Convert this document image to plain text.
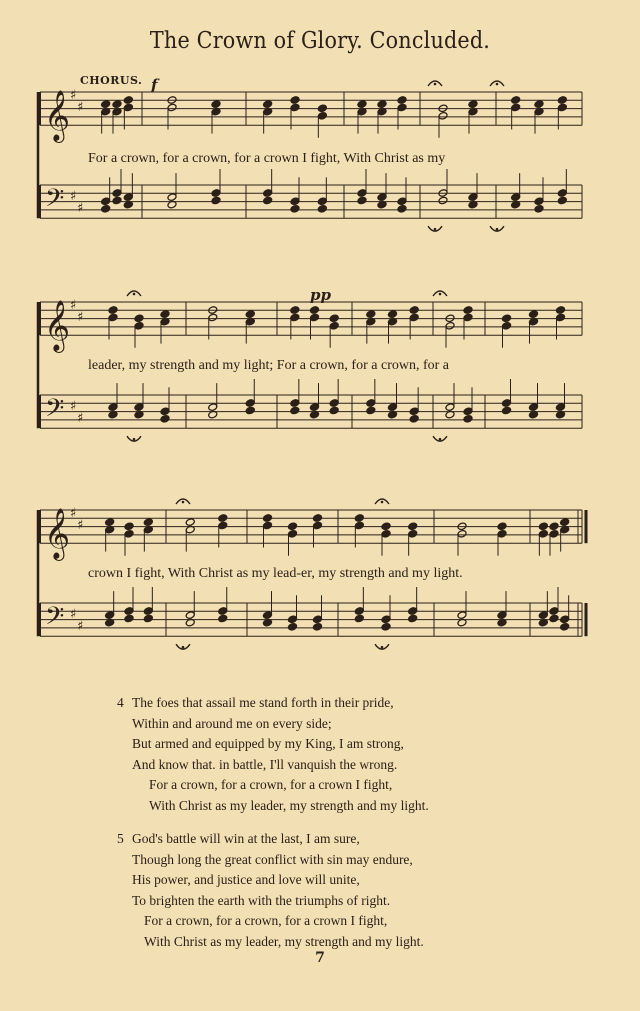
The Crown of Glory. Concluded.
𝄞 ♯
♯
𝄢 ♯
♯
CHORUS. f
For a crown, for a crown, for a crown I fight, With Christ as my
𝄞 ♯
♯
𝄢 ♯
♯
pp
leader, my strength and my light; For a crown, for a crown, for a
𝄞 ♯
♯
𝄢 ♯
♯
crown I fight, With Christ as my lead-er, my strength and my light.
4 The foes that assail me stand forth in their pride,
Within and around me on every side;
But armed and equipped by my King, I am strong,
And know that. in battle, I'll vanquish the wrong.
For a crown, for a crown, for a crown I fight,
With Christ as my leader, my strength and my light.
5 God's battle will win at the last, I am sure,
Though long the great conflict with sin may endure,
His power, and justice and love will unite,
To brighten the earth with the triumphs of right.
For a crown, for a crown, for a crown I fight,
With Christ as my leader, my strength and my light.
7
